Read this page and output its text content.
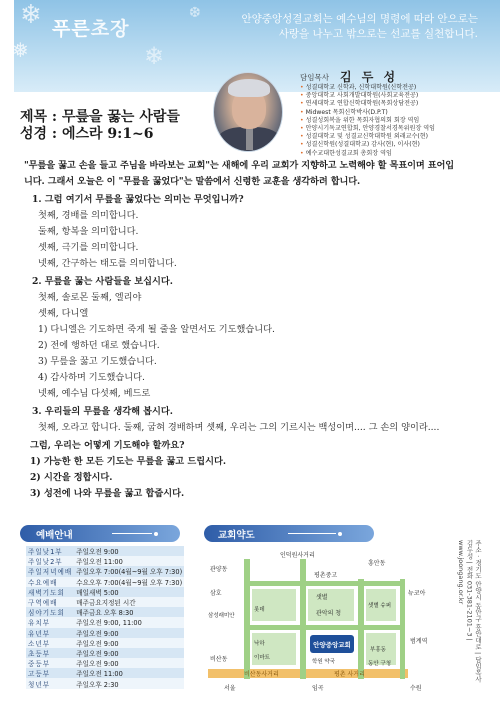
❄
❅	❄
❆
푸른초장	안양중앙성결교회는 예수님의 명령에 따라 안으로는
사랑을 나누고 밖으로는 선교를 실천합니다.
담임목사 김 두 성
• 성결대학교 신학과, 신학대학원(신학전공)
• 중앙대학교 사회개발대학원(사회교육전공)
• 연세대학교 연합신학대학원(목회상담전공)
• Midwest 목회신학박사(D.P.T)
• 성결성회복을 위한 목회자협의회 회장 역임
• 안양시기독교연합회, 안양경찰서경목위원장 역임
• 성결대학교 및 성결교신학대학원 외래교수(현)
• 성결신학원(성결대학교) 감사(현), 이사(현)
• 예수교대한성결교회 총회장 역임
제목 : 무릎을 꿇는 사람들
성경 : 에스라 9:1~6
"무릎을 꿇고 손을 들고 주님을 바라보는 교회"는 새해에 우리 교회가 지향하고 노력해야 할 목표이며 표어입니다. 그래서 오늘은 이 "무릎을 꿇었다"는 말씀에서 신령한 교훈을 생각하려 합니다.
1. 그럼 여기서 무릎을 꿇었다는 의미는 무엇입니까?
첫째, 경배를 의미합니다.
둘째, 항복을 의미합니다.
셋째, 극기를 의미합니다.
넷째, 간구하는 태도를 의미합니다.
2. 무릎을 꿇는 사람들을 보십시다.
첫째, 솔로몬 둘째, 엘리야
셋째, 다니엘
1) 다니엘은 기도하면 죽게 될 줄을 알면서도 기도했습니다.
2) 전에 행하던 대로 했습니다.
3) 무릎을 꿇고 기도했습니다.
4) 감사하며 기도했습니다.
넷째, 예수님 다섯째, 베드로
3. 우리들의 무릎을 생각해 봅시다.
첫째, 오라고 합니다. 둘째, 굽혀 경배하며 셋째, 우리는 그의 기르시는 백성이며.... 그 손의 양이라....
그럼, 우리는 어떻게 기도해야 할까요?
1) 가능한 한 모든 기도는 무릎을 꿇고 드립시다.
2) 시간을 정합시다.
3) 성전에 나와 무릎을 꿇고 합줍시다.
예배안내
주일낮1부	주일오전 9:00
주일낮2부	주일오전 11:00
주일저녁예배	주일오후 7:00(4월~9월 오후 7:30)
수요예배	수요오후 7:00(4월~9월 오후 7:30)
새벽기도회	매일새벽 5:00
구역예배	매주금요지정된 시간
심야기도회	매주금요 오후 8:30
유치부	주일오전 9:00, 11:00
유년부	주일오전 9:00
소년부	주일오전 9:00
초등부	주일오전 9:00
중등부	주일오전 9:00
고등부	주일오전 11:00
청년부	주일오후 2:30
교회약도
안양중앙교회
인덕원사거리
관양동
평촌중고
삼호
샛별
관악의 청
샛별 슈퍼
뉴코아
삼성래미안
롯데
낙하	범계역
이마트
비산동
비산동사거리	평촌 사거리
서울	수원
임곡
부흥동
학원 약국
흥안동
동안 구청	주소 · 경기도 안양시 동안구 흥안대로 | 담임목사 김두성 | 전화 031-381-2101~3 | www.joongang.or.kr
